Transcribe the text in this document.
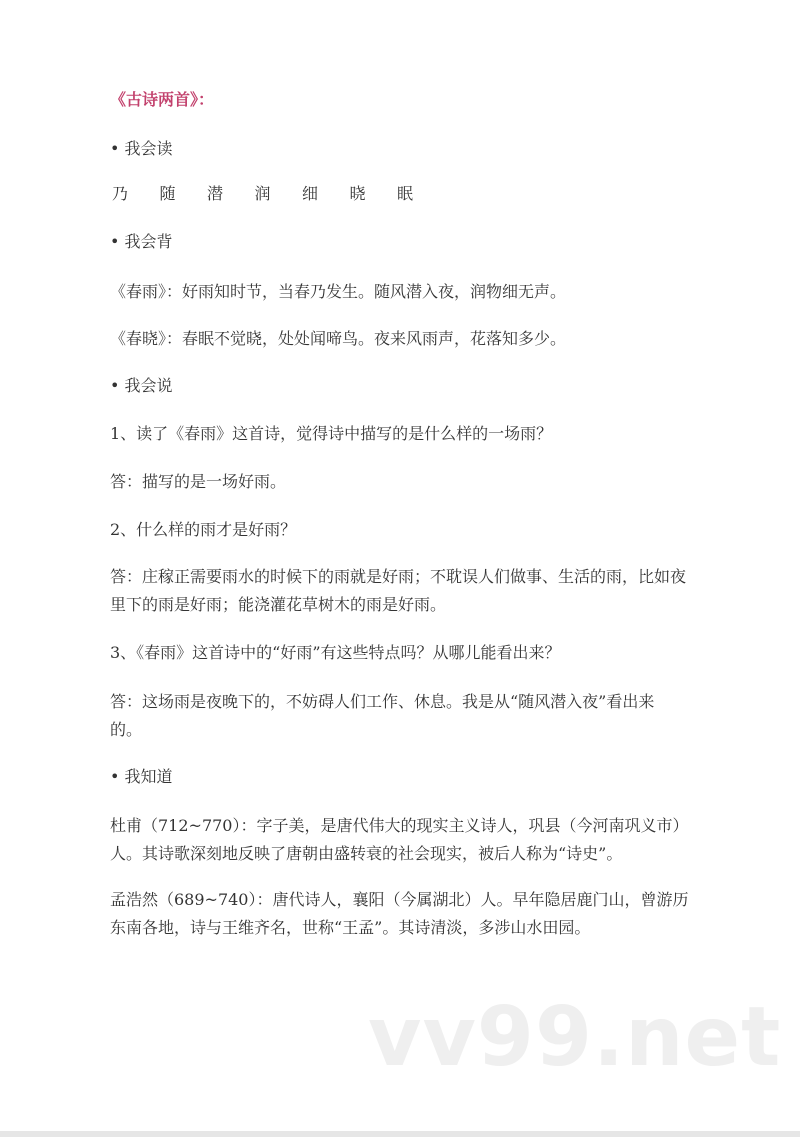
《古诗两首》：
• 我会读
乃 随 潜 润 细 晓 眠
• 我会背
《春雨》：好雨知时节，当春乃发生。随风潜入夜，润物细无声。
《春晓》：春眠不觉晓，处处闻啼鸟。夜来风雨声，花落知多少。
• 我会说
1、读了《春雨》这首诗，觉得诗中描写的是什么样的一场雨？
答：描写的是一场好雨。
2、什么样的雨才是好雨？
答：庄稼正需要雨水的时候下的雨就是好雨；不耽误人们做事、生活的雨，比如夜
里下的雨是好雨；能浇灌花草树木的雨是好雨。
3、《春雨》这首诗中的“好雨”有这些特点吗？从哪儿能看出来？
答：这场雨是夜晚下的，不妨碍人们工作、休息。我是从“随风潜入夜”看出来
的。
• 我知道
杜甫（712~770）：字子美，是唐代伟大的现实主义诗人，巩县（今河南巩义市）
人。其诗歌深刻地反映了唐朝由盛转衰的社会现实，被后人称为“诗史”。
孟浩然（689~740）：唐代诗人，襄阳（今属湖北）人。早年隐居鹿门山，曾游历
东南各地，诗与王维齐名，世称“王孟”。其诗清淡，多涉山水田园。
vv99.net
